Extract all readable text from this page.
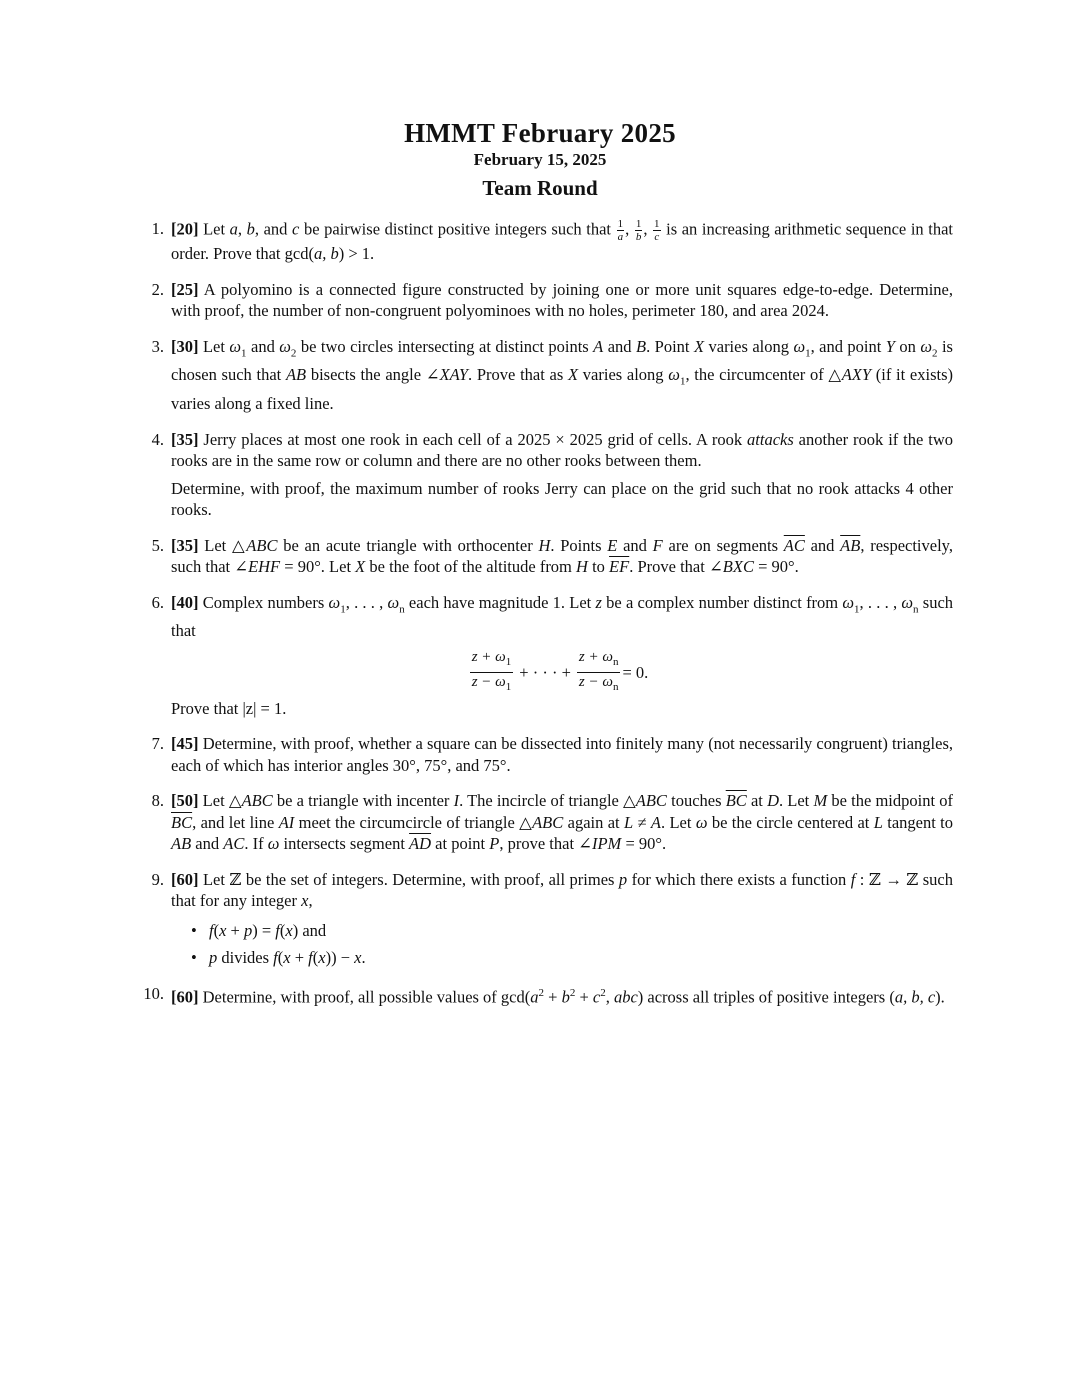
HMMT February 2025
February 15, 2025
Team Round
1. [20] Let a, b, and c be pairwise distinct positive integers such that $\frac{1}{a}$ , $\frac{1}{b}$ , $\frac{1}{c}$ is an increasing arithmetic sequence in that order. Prove that gcd(a, b) > 1.
2. [25] A polyomino is a connected figure constructed by joining one or more unit squares edge-to-edge. Determine, with proof, the number of non-congruent polyominoes with no holes, perimeter 180, and area 2024.
3. [30] Let $\omega_1$ and $\omega_2$ be two circles intersecting at distinct points A and B. Point X varies along $\omega_1$, and point Y on $\omega_2$ is chosen such that AB bisects the angle ∠XAY. Prove that as X varies along $\omega_1$, the circumcenter of △AXY (if it exists) varies along a fixed line.
4. [35] Jerry places at most one rook in each cell of a 2025 × 2025 grid of cells. A rook attacks another rook if the two rooks are in the same row or column and there are no other rooks between them.
Determine, with proof, the maximum number of rooks Jerry can place on the grid such that no rook attacks 4 other rooks.
5. [35] Let △ABC be an acute triangle with orthocenter H. Points E and F are on segments $\overline{AC}$ and $\overline{AB}$, respectively, such that ∠EHF = 90°. Let X be the foot of the altitude from H to $\overline{EF}$. Prove that ∠BXC = 90°.
6. [40] Complex numbers $\omega_1$, . . . , $\omega_n$ each have magnitude 1. Let z be a complex number distinct from $\omega_1$, . . . , $\omega_n$ such that
$\frac{z + \omega_1}{z - \omega_1}$ + · · · + $\frac{z + \omega_n}{z - \omega_n} = 0$.
Prove that |z| = 1.
7. [45] Determine, with proof, whether a square can be dissected into finitely many (not necessarily congruent) triangles, each of which has interior angles 30°, 75°, and 75°.
8. [50] Let △ABC be a triangle with incenter I. The incircle of triangle △ABC touches $\overline{BC}$ at D. Let M be the midpoint of $\overline{BC}$, and let line AI meet the circumcircle of triangle △ABC again at L ≠ A. Let ω be the circle centered at L tangent to AB and AC. If ω intersects segment $\overline{AD}$ at point P, prove that ∠IPM = 90°.
9. [60] Let ℤ be the set of integers. Determine, with proof, all primes p for which there exists a function f : ℤ → ℤ such that for any integer x,
• f(x + p) = f(x) and
• p divides f(x + f(x)) − x.
10. [60] Determine, with proof, all possible values of $\gcd(a^2 + b^2 + c^2$, abc) across all triples of positive integers (a, b, c).
